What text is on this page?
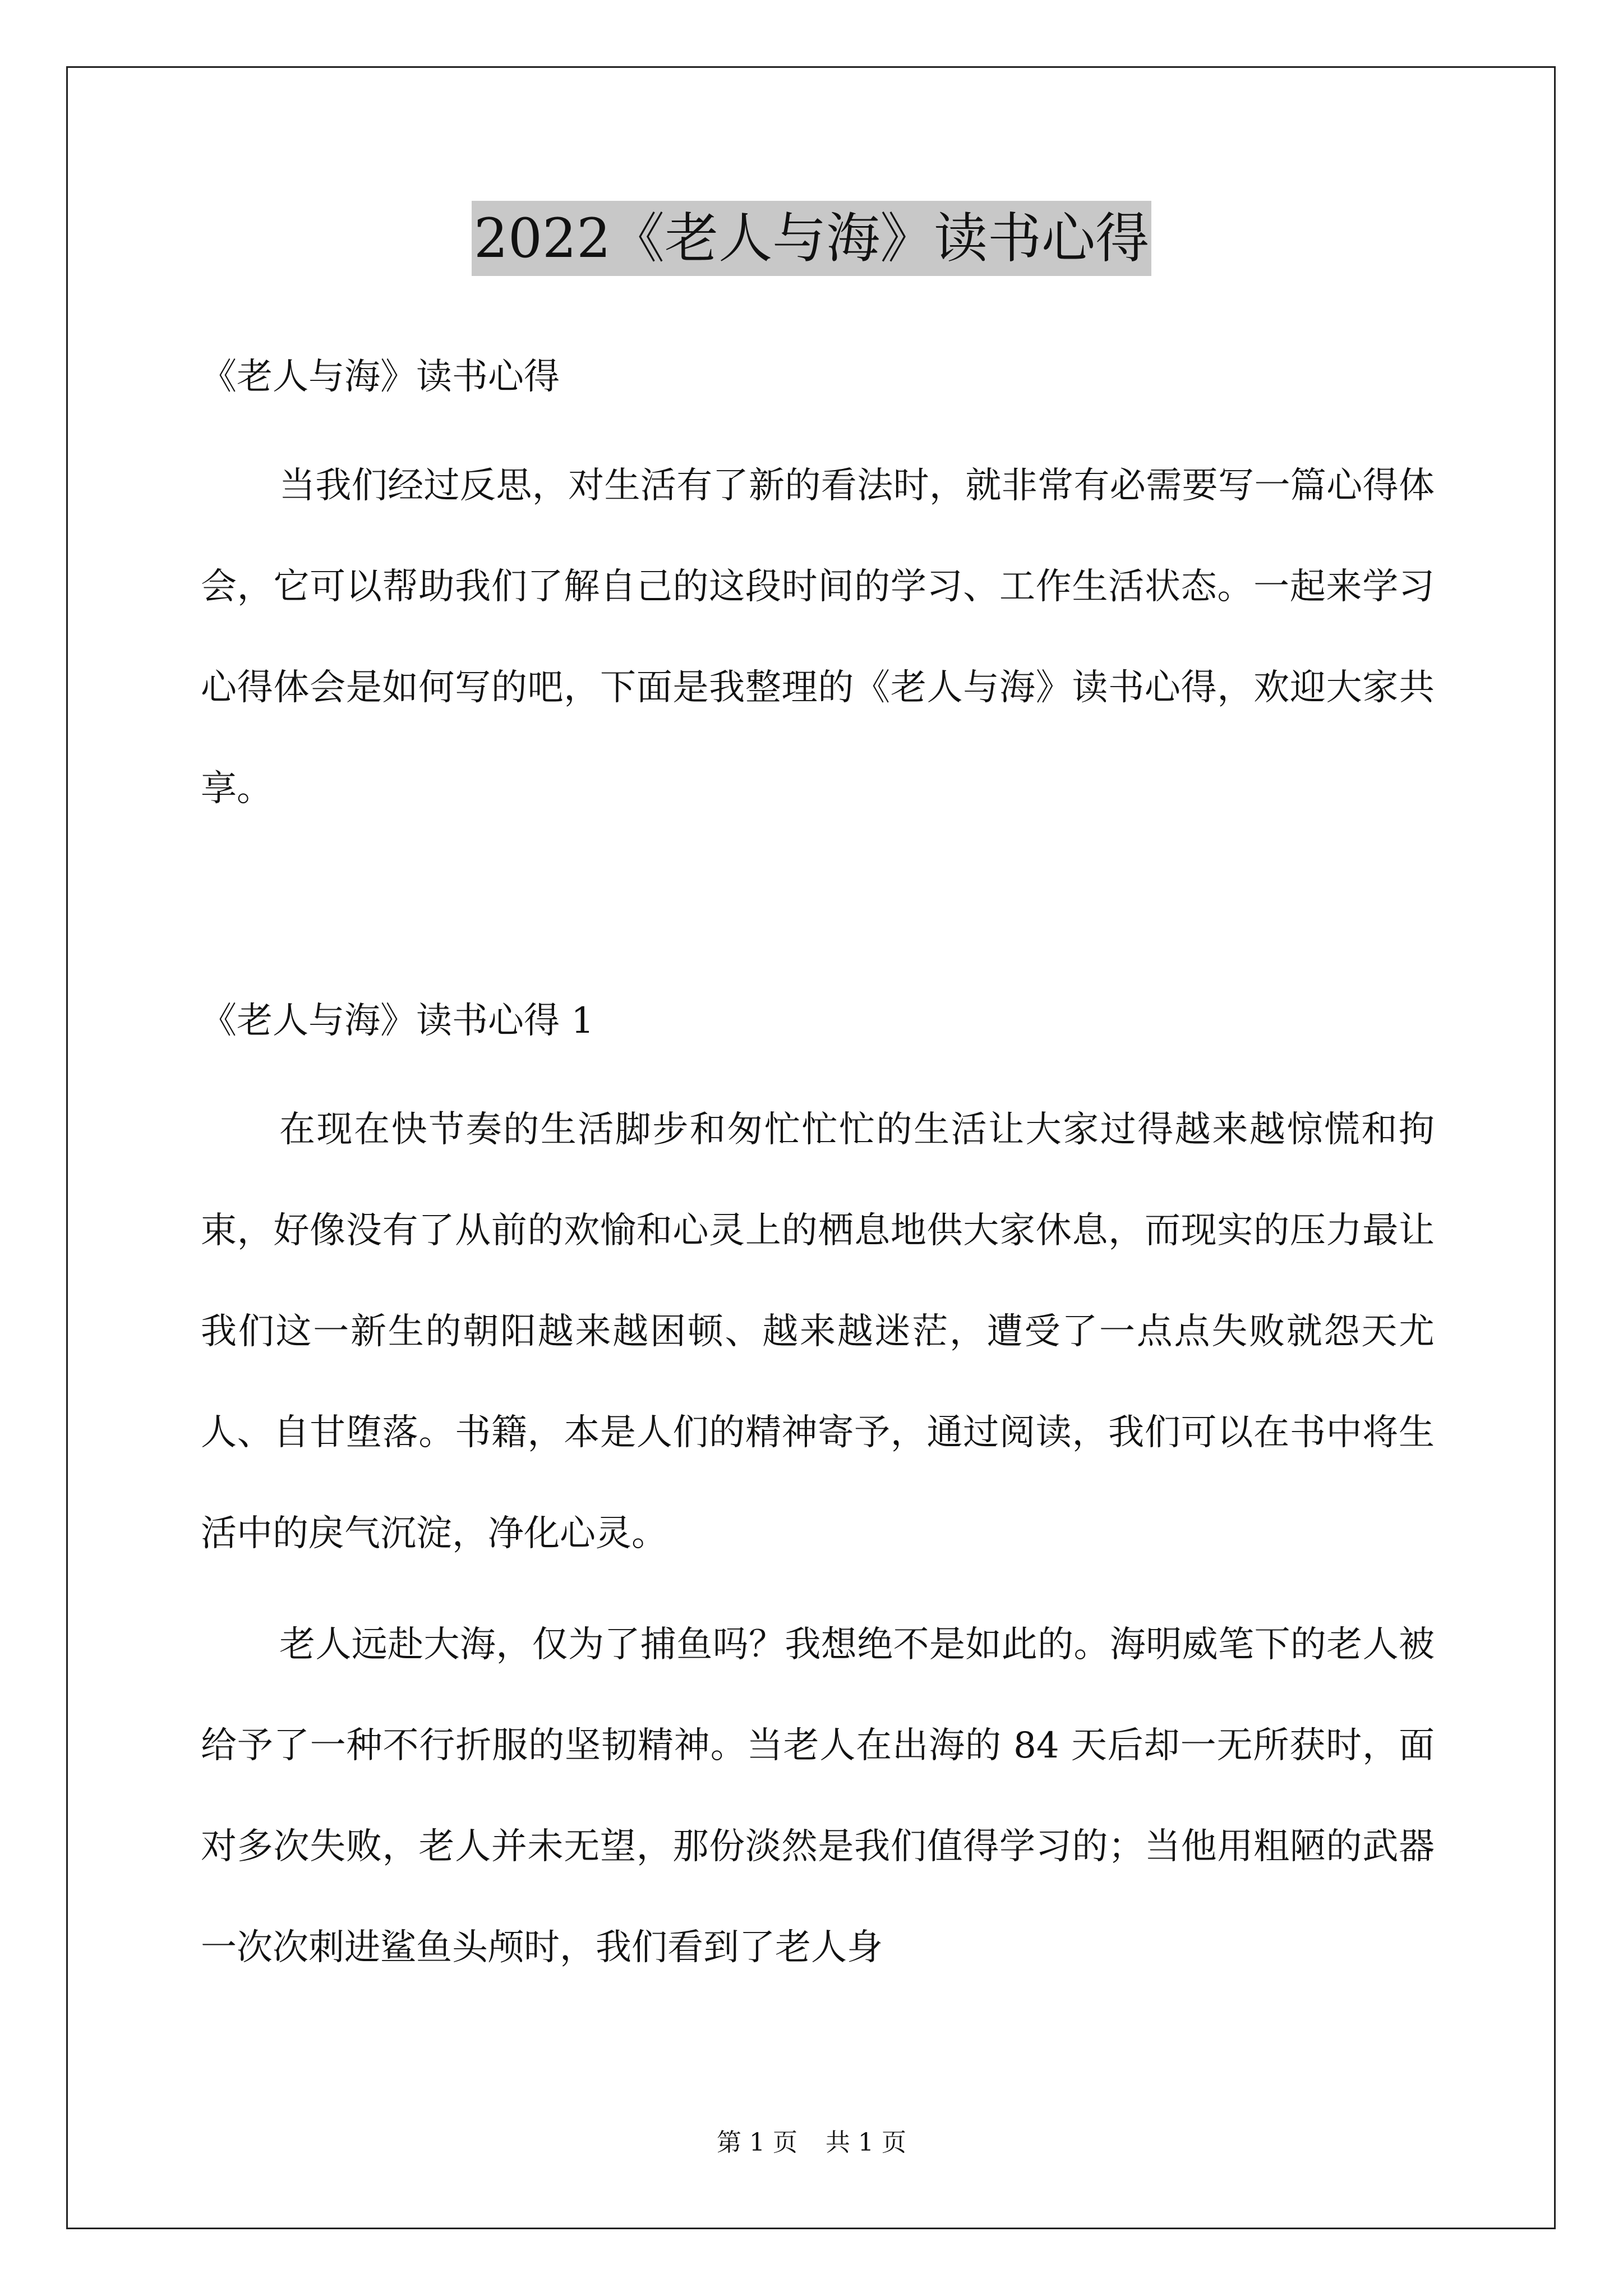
2022《老人与海》读书心得
《老人与海》读书心得

当我们经过反思，对生活有了新的看法时，就非常有必需要写一篇心得体会，它可以帮助我们了解自己的这段时间的学习、工作生活状态。一起来学习心得体会是如何写的吧，下面是我整理的《老人与海》读书心得，欢迎大家共享。

《老人与海》读书心得 1

在现在快节奏的生活脚步和匆忙忙忙的生活让大家过得越来越惊慌和拘束，好像没有了从前的欢愉和心灵上的栖息地供大家休息，而现实的压力最让我们这一新生的朝阳越来越困顿、越来越迷茫，遭受了一点点失败就怨天尤人、自甘堕落。书籍，本是人们的精神寄予，通过阅读，我们可以在书中将生活中的戾气沉淀，净化心灵。

老人远赴大海，仅为了捕鱼吗？我想绝不是如此的。海明威笔下的老人被给予了一种不行折服的坚韧精神。当老人在出海的 84 天后却一无所获时，面对多次失败，老人并未无望，那份淡然是我们值得学习的；当他用粗陋的武器一次次刺进鲨鱼头颅时，我们看到了老人身

第 1 页 共 1 页
